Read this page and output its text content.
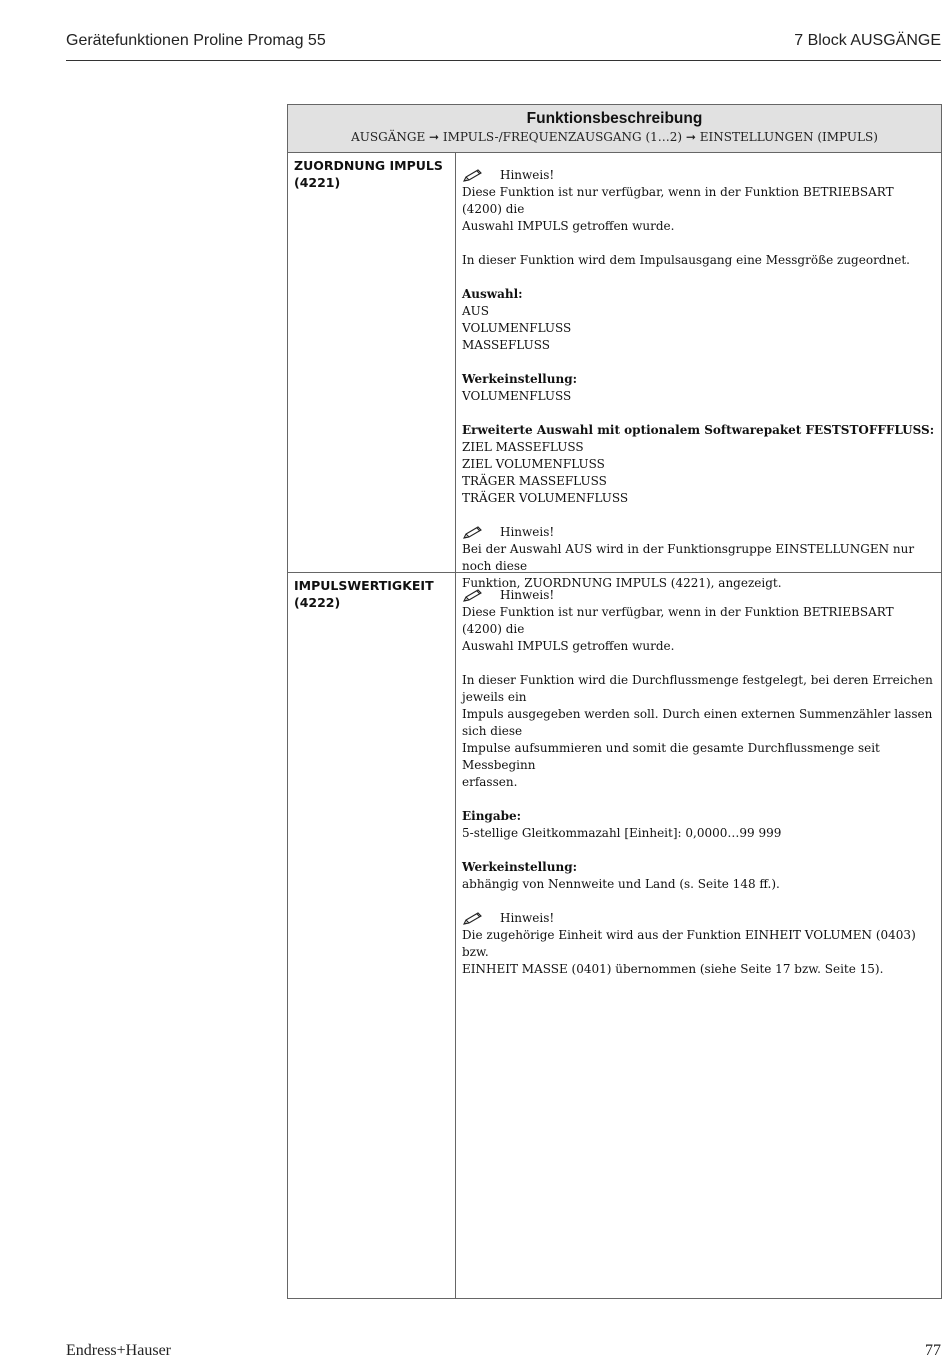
Gerätefunktionen Proline Promag 55	7 Block AUSGÄNGE
Funktionsbeschreibung
AUSGÄNGE ➞ IMPULS-/FREQUENZAUSGANG (1…2) ➞ EINSTELLUNGEN (IMPULS)
ZUORDNUNG IMPULS
(4221)	Hinweis!

Diese Funktion ist nur verfügbar, wenn in der Funktion BETRIEBSART (4200) die

Auswahl IMPULS getroffen wurde.

In dieser Funktion wird dem Impulsausgang eine Messgröße zugeordnet.

Auswahl:

AUS

VOLUMENFLUSS

MASSEFLUSS

Werkeinstellung:

VOLUMENFLUSS

Erweiterte Auswahl mit optionalem Softwarepaket FESTSTOFFFLUSS:

ZIEL MASSEFLUSS

ZIEL VOLUMENFLUSS

TRÄGER MASSEFLUSS

TRÄGER VOLUMENFLUSS

Hinweis!

Bei der Auswahl AUS wird in der Funktionsgruppe EINSTELLUNGEN nur noch diese

Funktion, ZUORDNUNG IMPULS (4221), angezeigt.

IMPULSWERTIGKEIT
(4222)	Hinweis!

Diese Funktion ist nur verfügbar, wenn in der Funktion BETRIEBSART (4200) die

Auswahl IMPULS getroffen wurde.

In dieser Funktion wird die Durchflussmenge festgelegt, bei deren Erreichen jeweils ein

Impuls ausgegeben werden soll. Durch einen externen Summenzähler lassen sich diese

Impulse aufsummieren und somit die gesamte Durchflussmenge seit Messbeginn

erfassen.

Eingabe:

5-stellige Gleitkommazahl [Einheit]: 0,0000…99 999

Werkeinstellung:

abhängig von Nennweite und Land (s. Seite 148 ff.).

Hinweis!

Die zugehörige Einheit wird aus der Funktion EINHEIT VOLUMEN (0403) bzw.

EINHEIT MASSE (0401) übernommen (siehe Seite 17 bzw. Seite 15).

Endress+Hauser	77
